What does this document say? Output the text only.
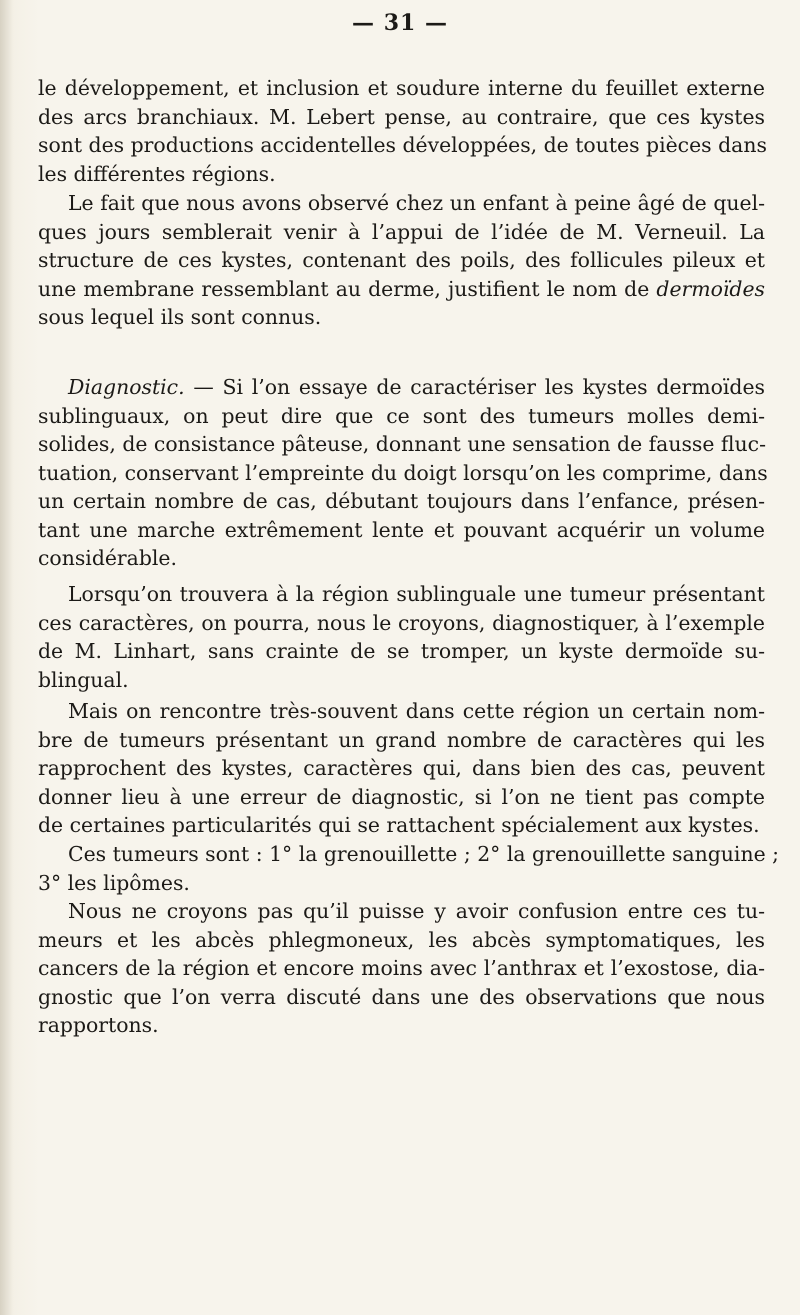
— 31 —

le développement, et inclusion et soudure interne du feuillet externe
des arcs branchiaux. M. Lebert pense, au contraire, que ces kystes
sont des productions accidentelles développées, de toutes pièces dans
les différentes régions.

Le fait que nous avons observé chez un enfant à peine âgé de quel-
ques jours semblerait venir à l’appui de l’idée de M. Verneuil. La
structure de ces kystes, contenant des poils, des follicules pileux et
une membrane ressemblant au derme, justifient le nom de dermoïdes
sous lequel ils sont connus.

Diagnostic. — Si l’on essaye de caractériser les kystes dermoïdes
sublinguaux, on peut dire que ce sont des tumeurs molles demi-
solides, de consistance pâteuse, donnant une sensation de fausse fluc-
tuation, conservant l’empreinte du doigt lorsqu’on les comprime, dans
un certain nombre de cas, débutant toujours dans l’enfance, présen-
tant une marche extrêmement lente et pouvant acquérir un volume
considérable.

Lorsqu’on trouvera à la région sublinguale une tumeur présentant
ces caractères, on pourra, nous le croyons, diagnostiquer, à l’exemple
de M. Linhart, sans crainte de se tromper, un kyste dermoïde su-
blingual.

Mais on rencontre très-souvent dans cette région un certain nom-
bre de tumeurs présentant un grand nombre de caractères qui les
rapprochent des kystes, caractères qui, dans bien des cas, peuvent
donner lieu à une erreur de diagnostic, si l’on ne tient pas compte
de certaines particularités qui se rattachent spécialement aux kystes.

Ces tumeurs sont : 1° la grenouillette ; 2° la grenouillette sanguine ;
3° les lipômes.

Nous ne croyons pas qu’il puisse y avoir confusion entre ces tu-
meurs et les abcès phlegmoneux, les abcès symptomatiques, les
cancers de la région et encore moins avec l’anthrax et l’exostose, dia-
gnostic que l’on verra discuté dans une des observations que nous
rapportons.
